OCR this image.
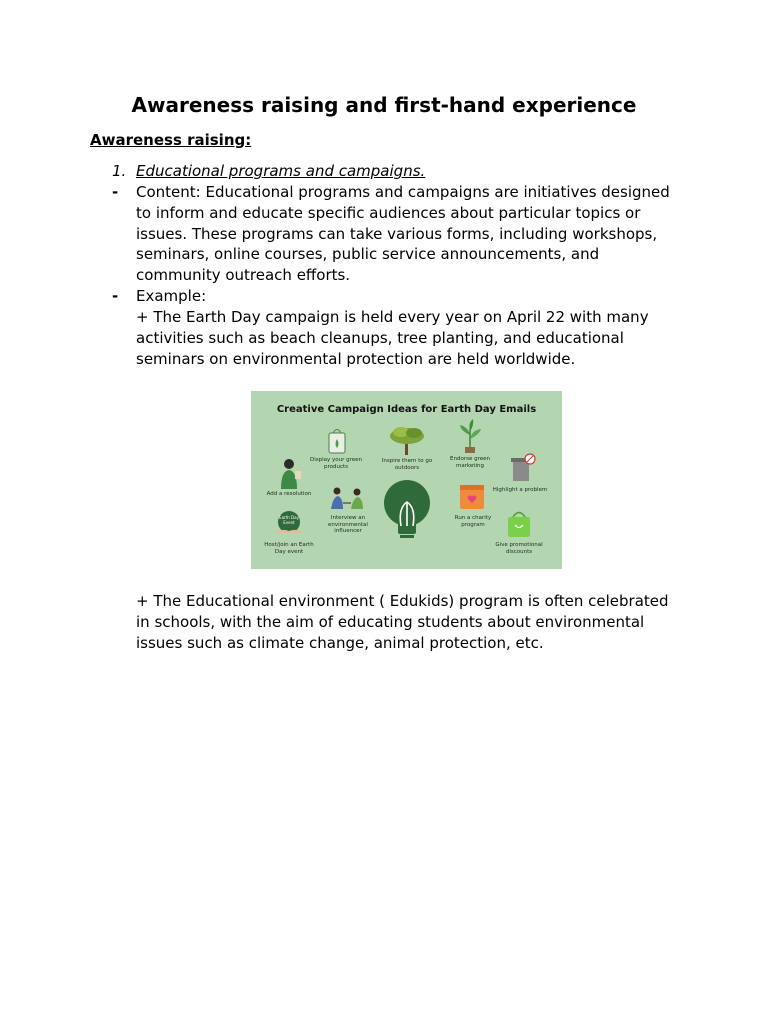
Awareness raising and first-hand experience
Awareness raising:
1. Educational programs and campaigns.
- Content: Educational programs and campaigns are initiatives designed to inform and educate specific audiences about particular topics or issues. These programs can take various forms, including workshops, seminars, online courses, public service announcements, and community outreach efforts.
- Example:
+ The Earth Day campaign is held every year on April 22 with many activities such as beach cleanups, tree planting, and educational seminars on environmental protection are held worldwide.
+ The Educational environment ( Edukids) program is often celebrated in schools, with the aim of educating students about environmental issues such as climate change, animal protection, etc.
Creative Campaign Ideas for Earth Day Emails
Display your green products
Inspire them to go outdoors
Endorse green marketing
Add a resolution
Highlight a problem
Interview an environmental influencer
Run a charity program
Host/join an Earth Day event
Give promotional discounts
Earth Day Event
